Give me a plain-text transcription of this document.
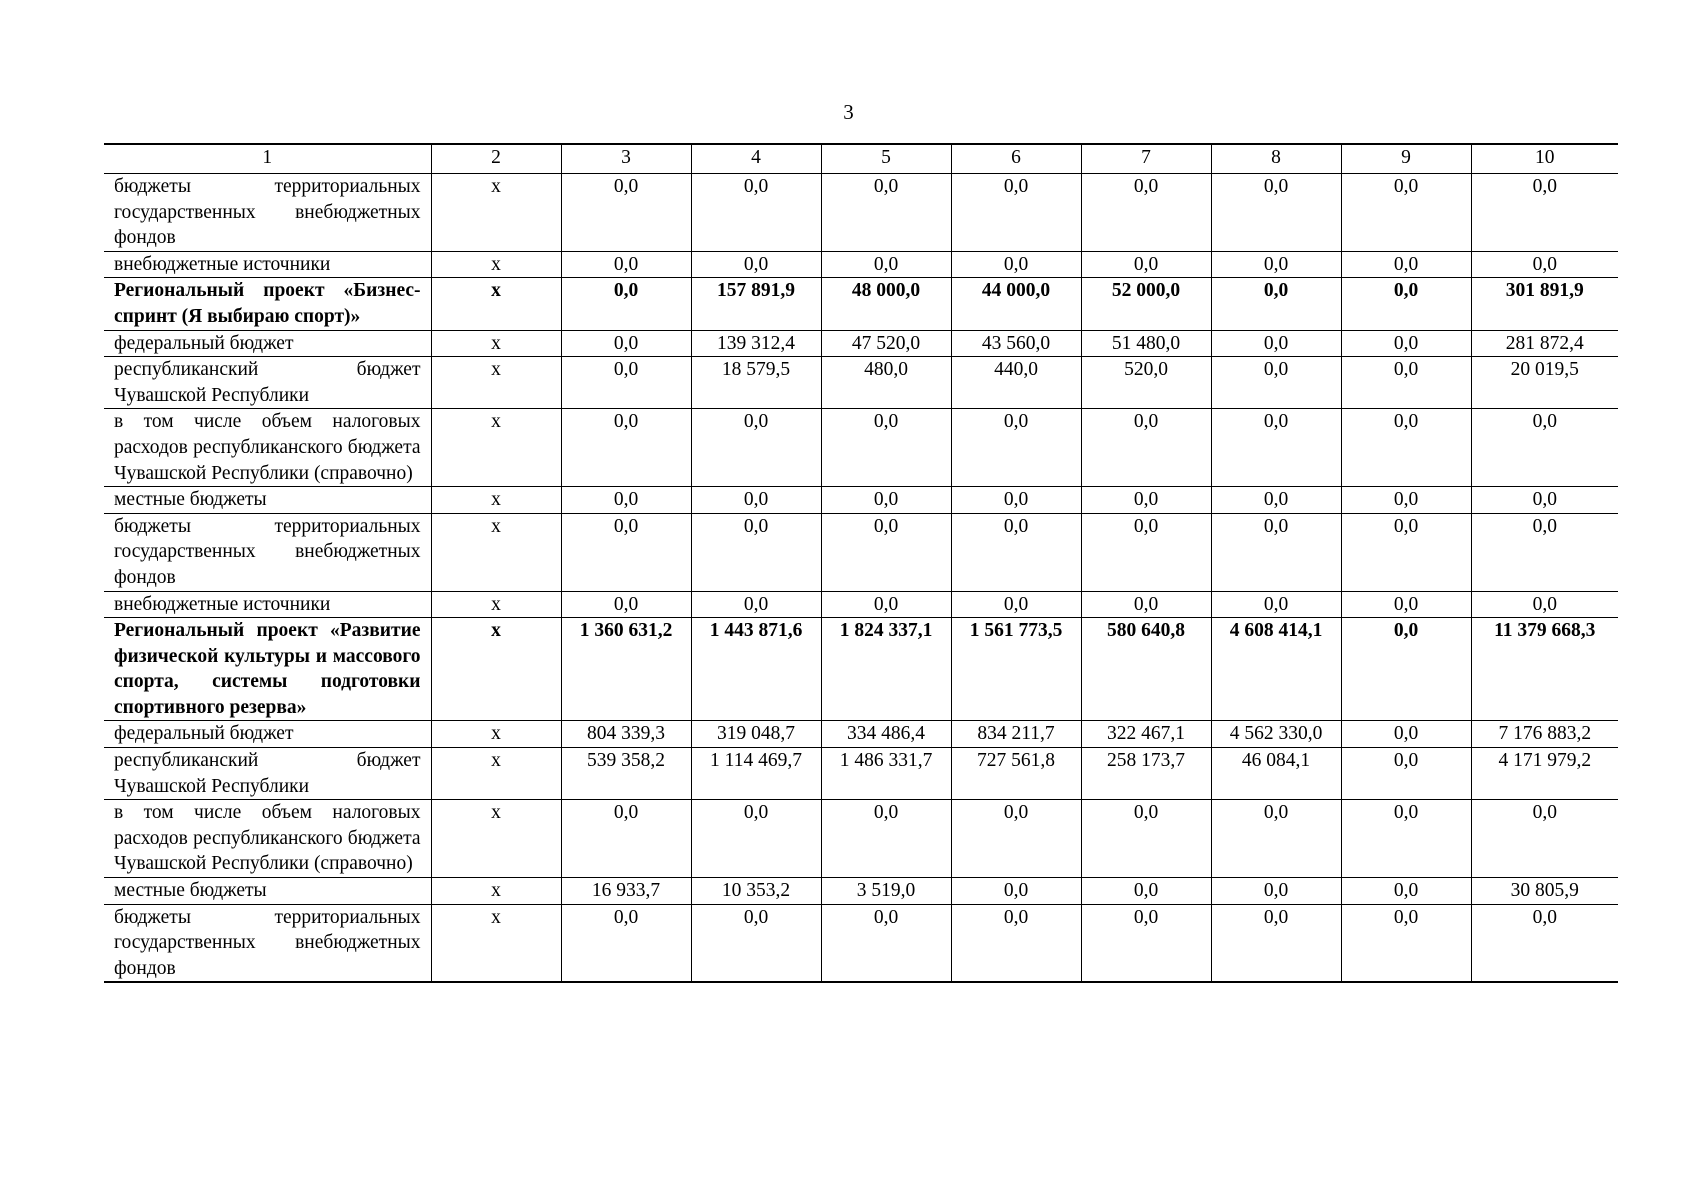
3
1	2	3	4	5	6	7	8	9	10
бюджеты территориальных государственных внебюджетных фондов	х	0,0	0,0	0,0	0,0	0,0	0,0	0,0	0,0
внебюджетные источники	х	0,0	0,0	0,0	0,0	0,0	0,0	0,0	0,0
Региональный проект «Бизнес-спринт (Я выбираю спорт)»	х	0,0	157 891,9	48 000,0	44 000,0	52 000,0	0,0	0,0	301 891,9
федеральный бюджет	х	0,0	139 312,4	47 520,0	43 560,0	51 480,0	0,0	0,0	281 872,4
республиканский бюджет Чувашской Республики	х	0,0	18 579,5	480,0	440,0	520,0	0,0	0,0	20 019,5
в том числе объем налоговых расходов республиканского бюджета Чувашской Республики (справочно)	х	0,0	0,0	0,0	0,0	0,0	0,0	0,0	0,0
местные бюджеты	х	0,0	0,0	0,0	0,0	0,0	0,0	0,0	0,0
бюджеты территориальных государственных внебюджетных фондов	х	0,0	0,0	0,0	0,0	0,0	0,0	0,0	0,0
внебюджетные источники	х	0,0	0,0	0,0	0,0	0,0	0,0	0,0	0,0
Региональный проект «Развитие физической культуры и массового спорта, системы подготовки спортивного резерва»	х	1 360 631,2	1 443 871,6	1 824 337,1	1 561 773,5	580 640,8	4 608 414,1	0,0	11 379 668,3
федеральный бюджет	х	804 339,3	319 048,7	334 486,4	834 211,7	322 467,1	4 562 330,0	0,0	7 176 883,2
республиканский бюджет Чувашской Республики	х	539 358,2	1 114 469,7	1 486 331,7	727 561,8	258 173,7	46 084,1	0,0	4 171 979,2
в том числе объем налоговых расходов республиканского бюджета Чувашской Республики (справочно)	х	0,0	0,0	0,0	0,0	0,0	0,0	0,0	0,0
местные бюджеты	х	16 933,7	10 353,2	3 519,0	0,0	0,0	0,0	0,0	30 805,9
бюджеты территориальных государственных внебюджетных фондов	х	0,0	0,0	0,0	0,0	0,0	0,0	0,0	0,0
